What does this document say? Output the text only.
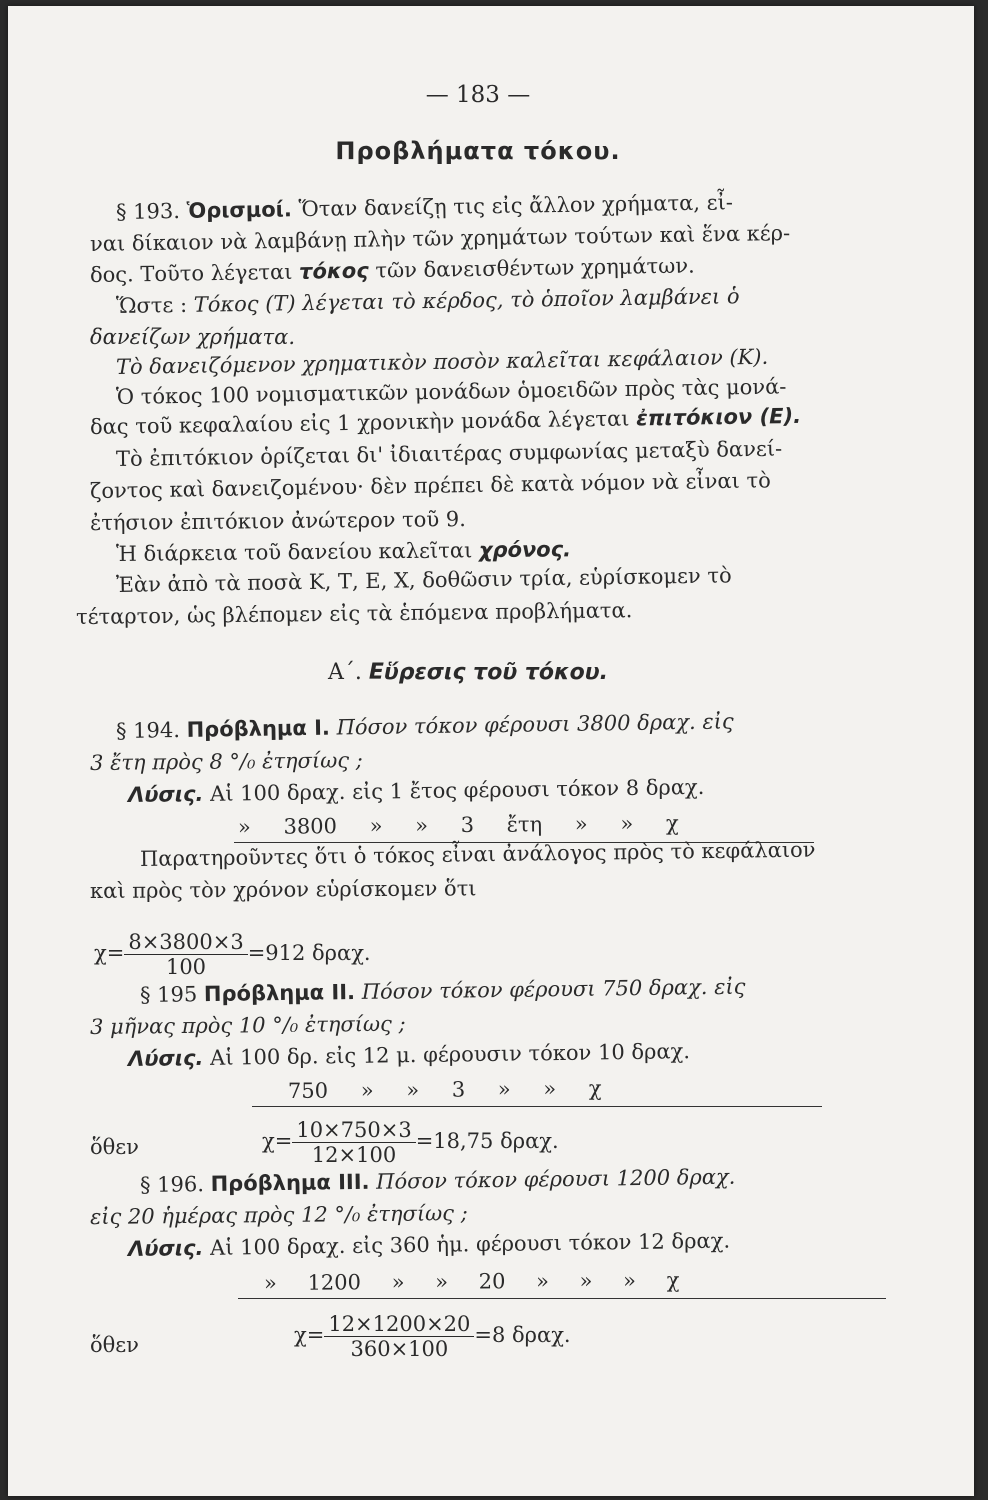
— 183 —
Προβλήματα τόκου.
§ 193. Ὁρισμοί. Ὅταν δανείζῃ τις εἰς ἄλλον χρήματα, εἶ-
ναι δίκαιον νὰ λαμβάνῃ πλὴν τῶν χρημάτων τούτων καὶ ἕνα κέρ-
δος. Τοῦτο λέγεται τόκος τῶν δανεισθέντων χρημάτων.
Ὥστε : Τόκος (Τ) λέγεται τὸ κέρδος, τὸ ὁποῖον λαμβάνει ὁ
δανείζων χρήματα.
Τὸ δανειζόμενον χρηματικὸν ποσὸν καλεῖται κεφάλαιον (Κ).
Ὁ τόκος 100 νομισματικῶν μονάδων ὁμοειδῶν πρὸς τὰς μονά-
δας τοῦ κεφαλαίου εἰς 1 χρονικὴν μονάδα λέγεται ἐπιτόκιον (Ε).
Τὸ ἐπιτόκιον ὁρίζεται δι' ἰδιαιτέρας συμφωνίας μεταξὺ δανεί-
ζοντος καὶ δανειζομένου· δὲν πρέπει δὲ κατὰ νόμον νὰ εἶναι τὸ
ἐτήσιον ἐπιτόκιον ἀνώτερον τοῦ 9.
Ἡ διάρκεια τοῦ δανείου καλεῖται χρόνος.
Ἐὰν ἀπὸ τὰ ποσὰ Κ, Τ, Ε, Χ, δοθῶσιν τρία, εὑρίσκομεν τὸ
τέταρτον, ὡς βλέπομεν εἰς τὰ ἑπόμενα προβλήματα.
Α΄. Εὕρεσις τοῦ τόκου.
§ 194. Πρόβλημα Ι. Πόσον τόκον φέρουσι 3800 δραχ. εἰς
3 ἔτη πρὸς 8 °/₀ ἐτησίως ;
Λύσις. Αἱ 100 δραχ. εἰς 1 ἔτος φέρουσι τόκον 8 δραχ.
» 3800 » » 3 ἔτη » » χ
Παρατηροῦντες ὅτι ὁ τόκος εἶναι ἀνάλογος πρὸς τὸ κεφάλαιον
καὶ πρὸς τὸν χρόνον εὑρίσκομεν ὅτι
$\chi= \frac{8\times 3800\times 3}{100} =912$ δραχ.
§ 195 Πρόβλημα ΙΙ. Πόσον τόκον φέρουσι 750 δραχ. εἰς
3 μῆνας πρὸς 10 °/₀ ἐτησίως ;
Λύσις. Αἱ 100 δρ. εἰς 12 μ. φέρουσιν τόκον 10 δραχ.
750 » » 3 » » χ
ὅθεν	$\chi= \frac{10\times 750\times 3}{12\times 100} =18,75$ δραχ.
§ 196. Πρόβλημα ΙΙΙ. Πόσον τόκον φέρουσι 1200 δραχ.
εἰς 20 ἡμέρας πρὸς 12 °/₀ ἐτησίως ;
Λύσις. Αἱ 100 δραχ. εἰς 360 ἡμ. φέρουσι τόκον 12 δραχ.
» 1200 » » 20 » » » χ
ὅθεν	$\chi= \frac{12\times 1200\times 20}{360\times 100} =8$ δραχ.
